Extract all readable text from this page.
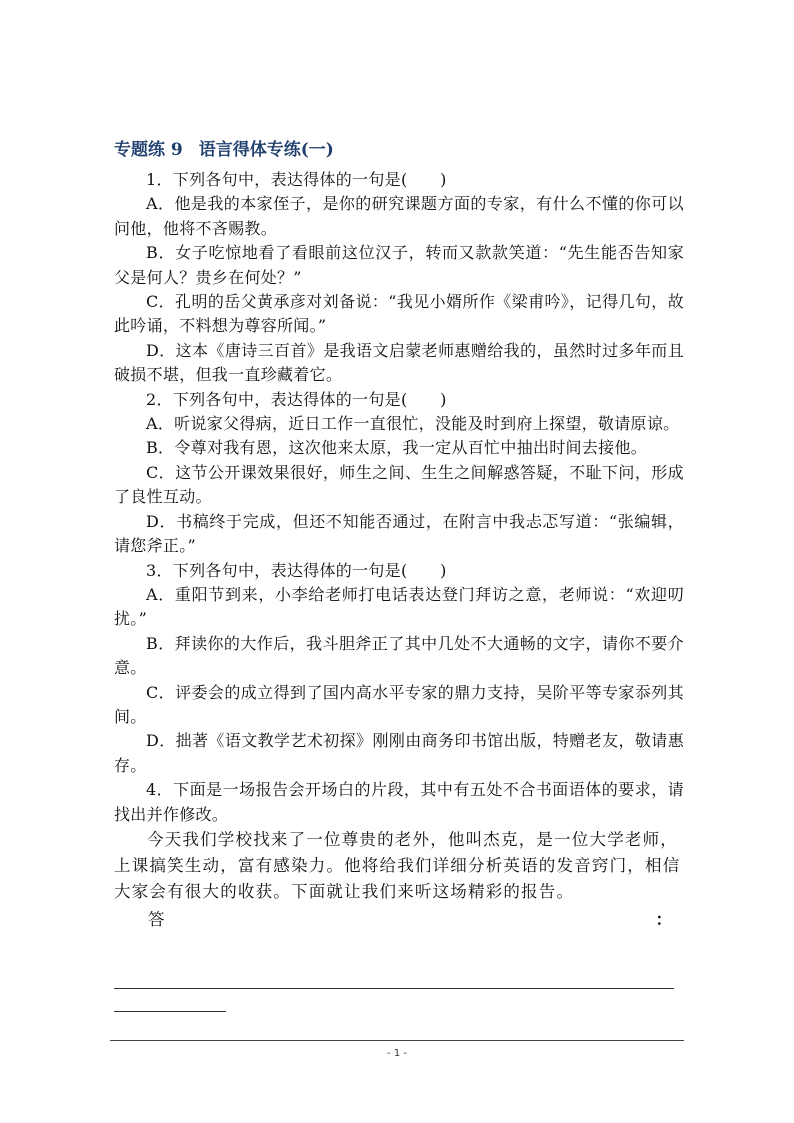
专题练 9 语言得体专练(一)

1．下列各句中，表达得体的一句是(　　)

A．他是我的本家侄子，是你的研究课题方面的专家，有什么不懂的你可以问他，他将不吝赐教。

B．女子吃惊地看了看眼前这位汉子，转而又款款笑道：“先生能否告知家父是何人？贵乡在何处？”

C．孔明的岳父黄承彦对刘备说：“我见小婿所作《梁甫吟》，记得几句，故此吟诵，不料想为尊容所闻。”

D．这本《唐诗三百首》是我语文启蒙老师惠赠给我的，虽然时过多年而且破损不堪，但我一直珍藏着它。

2．下列各句中，表达得体的一句是(　　)

A．听说家父得病，近日工作一直很忙，没能及时到府上探望，敬请原谅。

B．令尊对我有恩，这次他来太原，我一定从百忙中抽出时间去接他。

C．这节公开课效果很好，师生之间、生生之间解惑答疑，不耻下问，形成了良性互动。

D．书稿终于完成，但还不知能否通过，在附言中我忐忑写道：“张编辑，请您斧正。”

3．下列各句中，表达得体的一句是(　　)

A．重阳节到来，小李给老师打电话表达登门拜访之意，老师说：“欢迎叨扰。”

B．拜读你的大作后，我斗胆斧正了其中几处不大通畅的文字，请你不要介意。

C．评委会的成立得到了国内高水平专家的鼎力支持，吴阶平等专家忝列其间。

D．拙著《语文教学艺术初探》刚刚由商务印书馆出版，特赠老友，敬请惠存。

4．下面是一场报告会开场白的片段，其中有五处不合书面语体的要求，请找出并作修改。

今天我们学校找来了一位尊贵的老外，他叫杰克，是一位大学老师，上课搞笑生动，富有感染力。他将给我们详细分析英语的发音窍门，相信大家会有很大的收获。下面就让我们来听这场精彩的报告。

答	：
- 1 -
